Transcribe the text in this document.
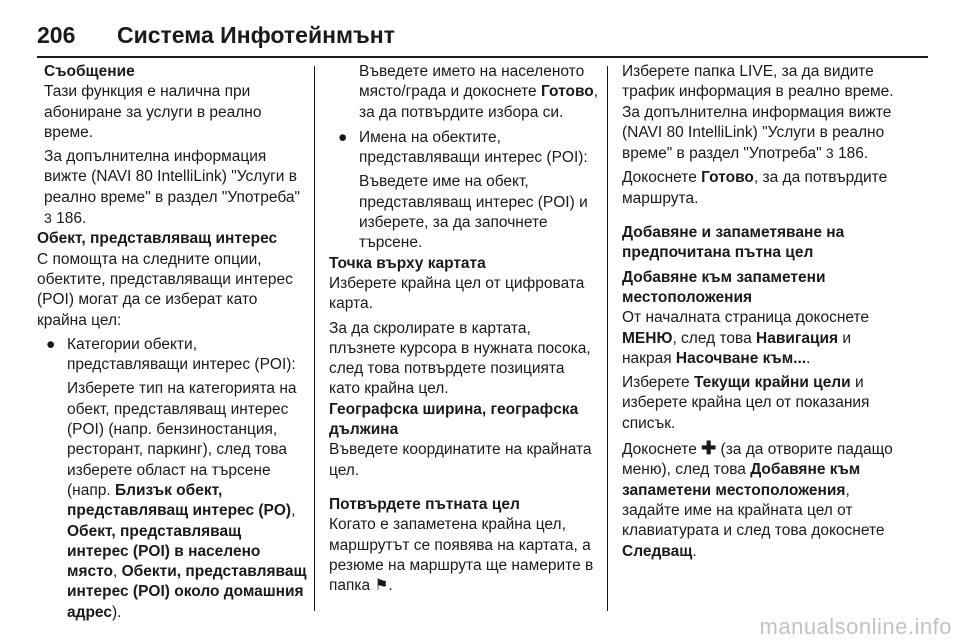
206	Система Инфотейнмънт

Съобщение

Тази функция е налична при абониране за услуги в реално време.

За допълнителна информация вижте (NAVI 80 IntelliLink) "Услуги в реално време" в раздел "Употреба" 3 186.

Обект, представляващ интерес

С помощта на следните опции, обектите, представляващи интерес (POI) могат да се изберат като крайна цел:

● Категории обекти, представляващи интерес (POI):

Изберете тип на категорията на обект, представляващ интерес (POI) (напр. бензиностанция, ресторант, паркинг), след това изберете област на търсене (напр. Близък обект, представляващ интерес (PO), Обект, представляващ интерес (POI) в населено място, Обекти, представляващ интерес (POI) около домашния адрес).

Въведете името на населеното място/града и докоснете Готово, за да потвърдите избора си.

● Имена на обектите, представляващи интерес (POI):

Въведете име на обект, представляващ интерес (POI) и изберете, за да започнете търсене.

Точка върху картата

Изберете крайна цел от цифровата карта.

За да скролирате в картата, плъзнете курсора в нужната посока, след това потвърдете позицията като крайна цел.

Географска ширина, географска дължина

Въведете координатите на крайната цел.

Потвърдете пътната цел

Когато е запаметена крайна цел, маршрутът се появява на картата, а резюме на маршрута ще намерите в папка ⚑.

Изберете папка LIVE, за да видите трафик информация в реално време. За допълнителна информация вижте (NAVI 80 IntelliLink) "Услуги в реално време" в раздел "Употреба" 3 186.

Докоснете Готово, за да потвърдите маршрута.

Добавяне и запаметяване на предпочитана пътна цел

Добавяне към запаметени местоположения

От началната страница докоснете МЕНЮ, след това Навигация и накрая Насочване към....

Изберете Текущи крайни цели и изберете крайна цел от показания списък.

Докоснете ✚ (за да отворите падащо меню), след това Добавяне към запаметени местоположения, задайте име на крайната цел от клавиатурата и след това докоснете Следващ.

manualsonline.info
